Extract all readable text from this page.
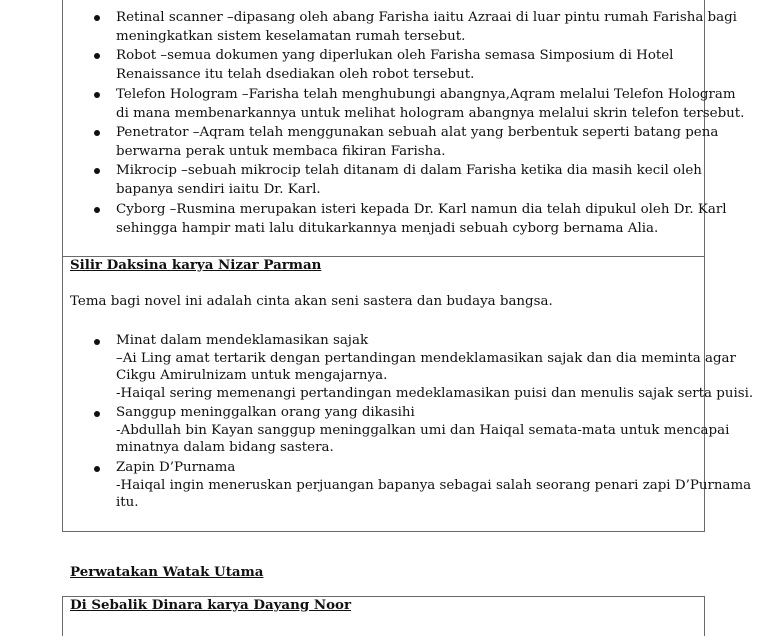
Retinal scanner –dipasang oleh abang Farisha iaitu Azraai di luar pintu rumah Farisha bagi
meningkatkan sistem keselamatan rumah tersebut.
Robot –semua dokumen yang diperlukan oleh Farisha semasa Simposium di Hotel
Renaissance itu telah dsediakan oleh robot tersebut.
Telefon Hologram –Farisha telah menghubungi abangnya,Aqram melalui Telefon Hologram
di mana membenarkannya untuk melihat hologram abangnya melalui skrin telefon tersebut.
Penetrator –Aqram telah menggunakan sebuah alat yang berbentuk seperti batang pena
berwarna perak untuk membaca fikiran Farisha.
Mikrocip –sebuah mikrocip telah ditanam di dalam Farisha ketika dia masih kecil oleh
bapanya sendiri iaitu Dr. Karl.
Cyborg –Rusmina merupakan isteri kepada Dr. Karl namun dia telah dipukul oleh Dr. Karl
sehingga hampir mati lalu ditukarkannya menjadi sebuah cyborg bernama Alia.
Silir Daksina karya Nizar Parman
Tema bagi novel ini adalah cinta akan seni sastera dan budaya bangsa.
Minat dalam mendeklamasikan sajak
–Ai Ling amat tertarik dengan pertandingan mendeklamasikan sajak dan dia meminta agar
Cikgu Amirulnizam untuk mengajarnya.
-Haiqal sering memenangi pertandingan medeklamasikan puisi dan menulis sajak serta puisi.
Sanggup meninggalkan orang yang dikasihi
-Abdullah bin Kayan sanggup meninggalkan umi dan Haiqal semata-mata untuk mencapai
minatnya dalam bidang sastera.
Zapin D’Purnama
-Haiqal ingin meneruskan perjuangan bapanya sebagai salah seorang penari zapi D’Purnama
itu.
Perwatakan Watak Utama
Di Sebalik Dinara karya Dayang Noor
